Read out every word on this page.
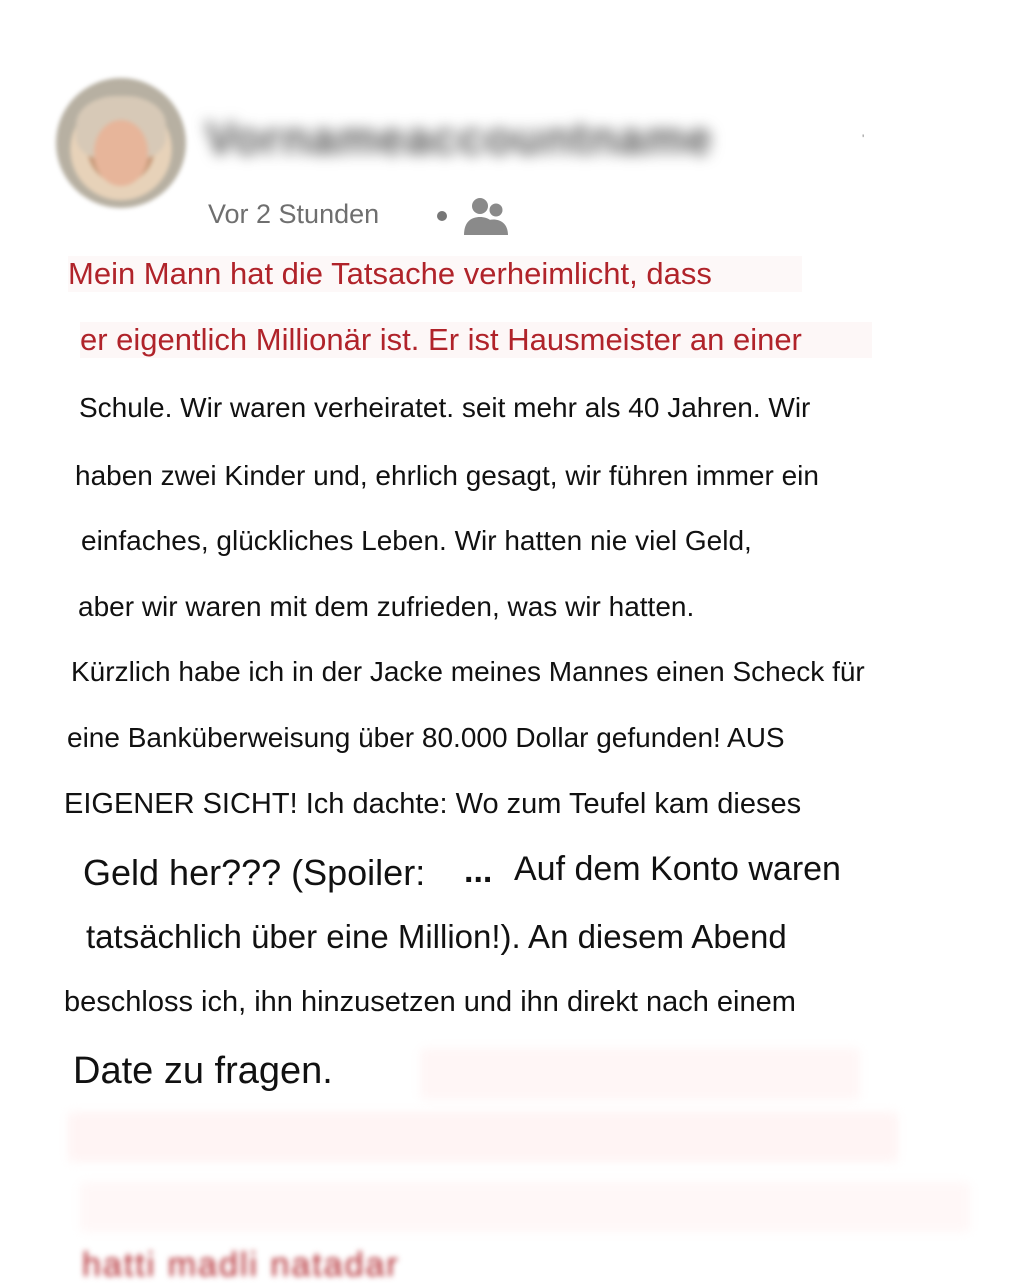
Vornameaccountname	'
Vor 2 Stunden
Mein Mann hat die Tatsache verheimlicht, dass
er eigentlich Millionär ist. Er ist Hausmeister an einer
Schule. Wir waren verheiratet. seit mehr als 40 Jahren. Wir
haben zwei Kinder und, ehrlich gesagt, wir führen immer ein
einfaches, glückliches Leben. Wir hatten nie viel Geld,
aber wir waren mit dem zufrieden, was wir hatten.
Kürzlich habe ich in der Jacke meines Mannes einen Scheck für
eine Banküberweisung über 80.000 Dollar gefunden! AUS
EIGENER SICHT! Ich dachte: Wo zum Teufel kam dieses
Geld her??? (Spoiler: ... Auf dem Konto waren
tatsächlich über eine Million!). An diesem Abend
beschloss ich, ihn hinzusetzen und ihn direkt nach einem
Date zu fragen.
hatti madli natadar
